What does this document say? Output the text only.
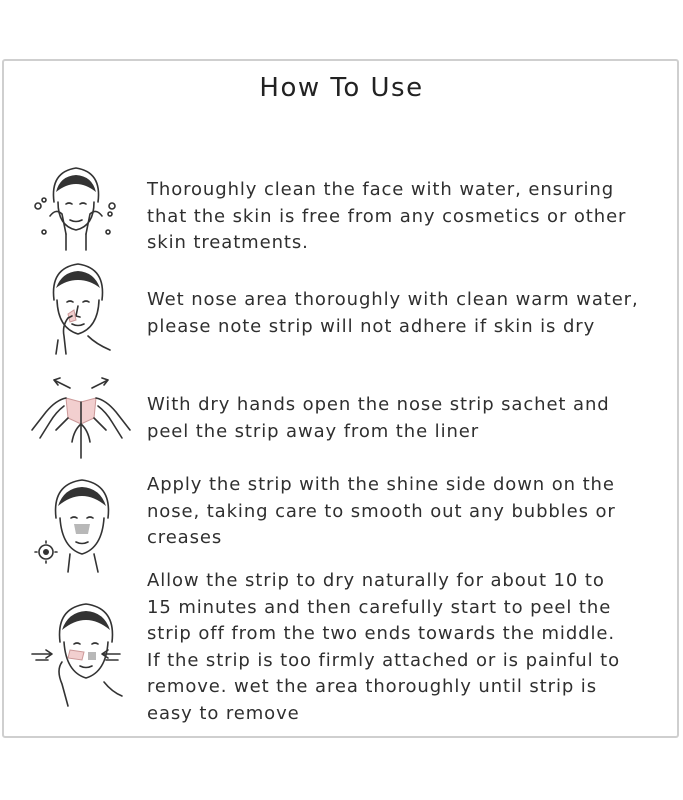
How To Use
Thoroughly clean the face with water, ensuring
that the skin is free from any cosmetics or other
skin treatments.
Wet nose area thoroughly with clean warm water,
please note strip will not adhere if skin is dry
With dry hands open the nose strip sachet and
peel the strip away from the liner
Apply the strip with the shine side down on the
nose, taking care to smooth out any bubbles or
creases
Allow the strip to dry naturally for about 10 to
15 minutes and then carefully start to peel the
strip off from the two ends towards the middle.
If the strip is too firmly attached or is painful to
remove. wet the area thoroughly until strip is
easy to remove
